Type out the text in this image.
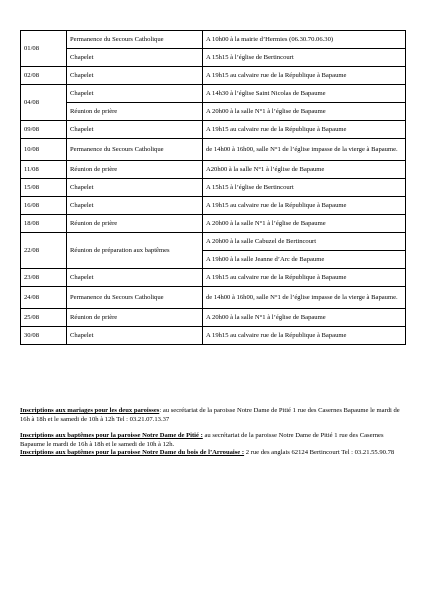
01/08	Permanence du Secours Catholique	A 10h00 à la mairie d’Hermies (06.30.70.06.30)
	Chapelet	A 15h15 à l’église de Bertincourt
02/08	Chapelet	A 19h15 au calvaire rue de la République à Bapaume
04/08	Chapelet	A 14h30 à l’église Saint Nicolas de Bapaume
	Réunion de prière	A 20h00 à la salle N°1 à l’église de Bapaume
09/08	Chapelet	A 19h15 au calvaire rue de la République à Bapaume
10/08	Permanence du Secours Catholique	de 14h00 à 16h00, salle N°1 de l’église impasse de la vierge à Bapaume.
11/08	Réunion de prière	A20h00 à la salle N°1 à l’église de Bapaume
15/08	Chapelet	A 15h15 à l’église de Bertincourt
16/08	Chapelet	A 19h15 au calvaire rue de la République à Bapaume
18/08	Réunion de prière	A 20h00 à la salle N°1 à l’église de Bapaume
22/08	Réunion de préparation aux baptêmes	A 20h00 à la salle Cabuzel de Bertincourt
		A 19h00 à la salle Jeanne d’Arc de Bapaume
23/08	Chapelet	A 19h15 au calvaire rue de la République à Bapaume
24/08	Permanence du Secours Catholique	de 14h00 à 16h00, salle N°1 de l’église impasse de la vierge à Bapaume.
25/08	Réunion de prière	A 20h00 à la salle N°1 à l’église de Bapaume
30/08	Chapelet	A 19h15 au calvaire rue de la République à Bapaume

Inscriptions aux mariages pour les deux paroisses: au secrétariat de la paroisse Notre Dame de Pitié 1 rue des Casernes Bapaume le mardi de 16h à 18h et le samedi de 10h à 12h Tel : 03.21.07.13.37

Inscriptions aux baptêmes pour la paroisse Notre Dame de Pitié : au secrétariat de la paroisse Notre Dame de Pitié 1 rue des Casernes Bapaume le mardi de 16h à 18h et le samedi de 10h à 12h.

Inscriptions aux baptêmes pour la paroisse Notre Dame du bois de l’Arrouaise : 2 rue des anglais 62124 Bertincourt Tel : 03.21.55.90.78
